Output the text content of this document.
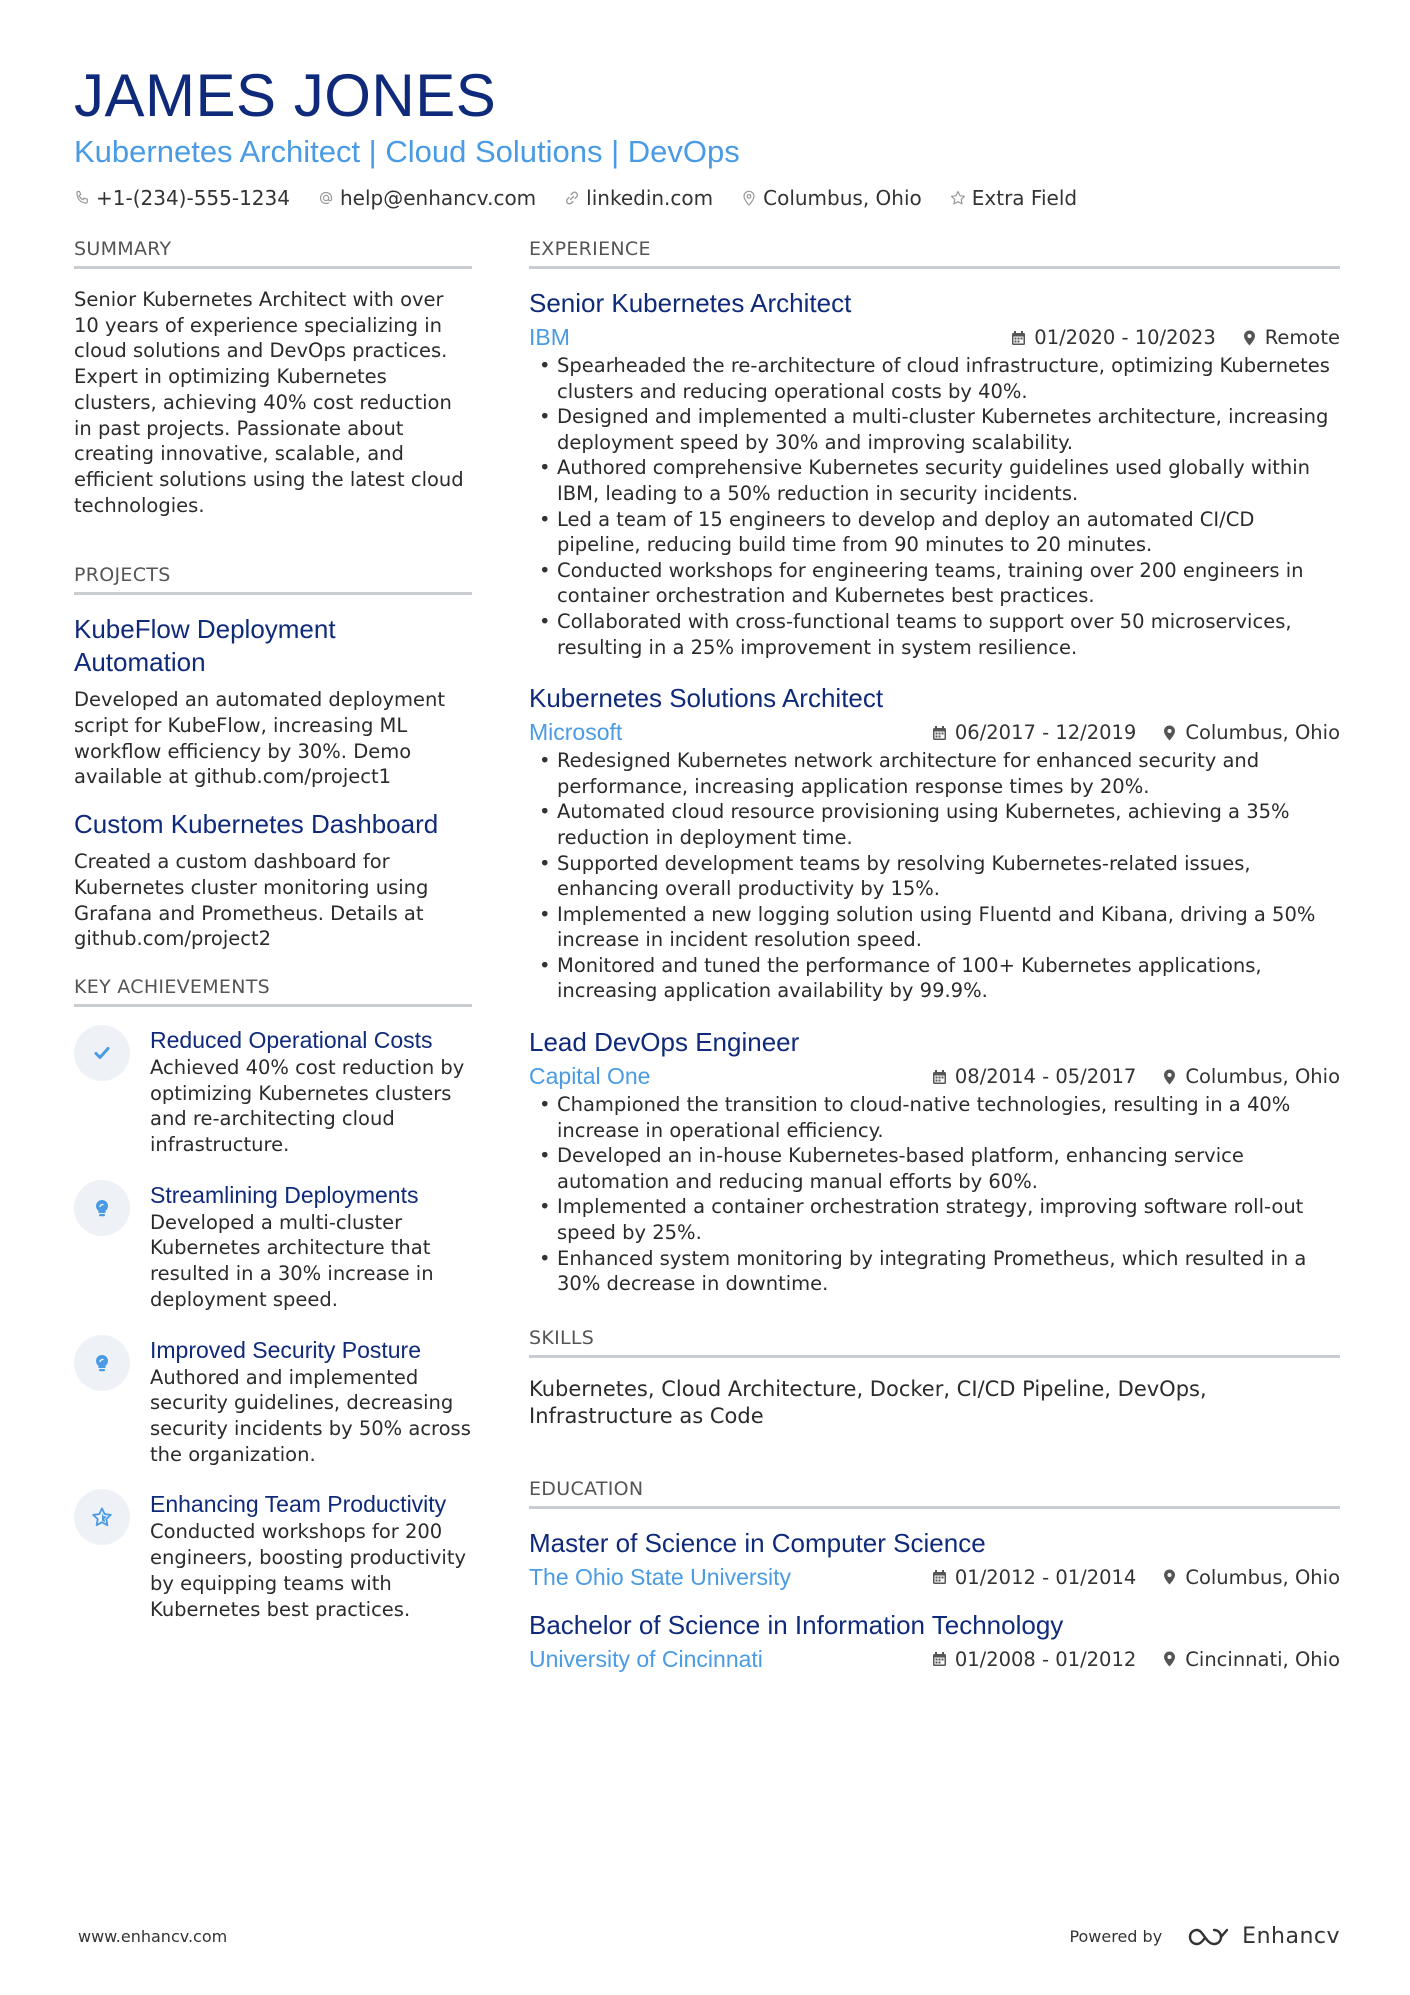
JAMES JONES
Kubernetes Architect | Cloud Solutions | DevOps
+1-(234)-555-1234	help@enhancv.com	linkedin.com	Columbus, Ohio	Extra Field
SUMMARY
Senior Kubernetes Architect with over 10 years of experience specializing in cloud solutions and DevOps practices. Expert in optimizing Kubernetes clusters, achieving 40% cost reduction in past projects. Passionate about creating innovative, scalable, and efficient solutions using the latest cloud technologies.
PROJECTS
KubeFlow Deployment Automation
Developed an automated deployment script for KubeFlow, increasing ML workflow efficiency by 30%. Demo available at github.com/project1
Custom Kubernetes Dashboard
Created a custom dashboard for Kubernetes cluster monitoring using Grafana and Prometheus. Details at github.com/project2
KEY ACHIEVEMENTS
Reduced Operational Costs
Achieved 40% cost reduction by optimizing Kubernetes clusters and re-architecting cloud infrastructure.
Streamlining Deployments
Developed a multi-cluster Kubernetes architecture that resulted in a 30% increase in deployment speed.
Improved Security Posture
Authored and implemented security guidelines, decreasing security incidents by 50% across the organization.
Enhancing Team Productivity
Conducted workshops for 200 engineers, boosting productivity by equipping teams with Kubernetes best practices.
EXPERIENCE
Senior Kubernetes Architect
IBM	01/2020 - 10/2023	Remote
• Spearheaded the re-architecture of cloud infrastructure, optimizing Kubernetes clusters and reducing operational costs by 40%.
• Designed and implemented a multi-cluster Kubernetes architecture, increasing deployment speed by 30% and improving scalability.
• Authored comprehensive Kubernetes security guidelines used globally within IBM, leading to a 50% reduction in security incidents.
• Led a team of 15 engineers to develop and deploy an automated CI/CD pipeline, reducing build time from 90 minutes to 20 minutes.
• Conducted workshops for engineering teams, training over 200 engineers in container orchestration and Kubernetes best practices.
• Collaborated with cross-functional teams to support over 50 microservices, resulting in a 25% improvement in system resilience.
Kubernetes Solutions Architect
Microsoft	06/2017 - 12/2019	Columbus, Ohio
• Redesigned Kubernetes network architecture for enhanced security and performance, increasing application response times by 20%.
• Automated cloud resource provisioning using Kubernetes, achieving a 35% reduction in deployment time.
• Supported development teams by resolving Kubernetes-related issues, enhancing overall productivity by 15%.
• Implemented a new logging solution using Fluentd and Kibana, driving a 50% increase in incident resolution speed.
• Monitored and tuned the performance of 100+ Kubernetes applications, increasing application availability by 99.9%.
Lead DevOps Engineer
Capital One	08/2014 - 05/2017	Columbus, Ohio
• Championed the transition to cloud-native technologies, resulting in a 40% increase in operational efficiency.
• Developed an in-house Kubernetes-based platform, enhancing service automation and reducing manual efforts by 60%.
• Implemented a container orchestration strategy, improving software roll-out speed by 25%.
• Enhanced system monitoring by integrating Prometheus, which resulted in a 30% decrease in downtime.
SKILLS
Kubernetes, Cloud Architecture, Docker, CI/CD Pipeline, DevOps, Infrastructure as Code
EDUCATION
Master of Science in Computer Science
The Ohio State University	01/2012 - 01/2014	Columbus, Ohio
Bachelor of Science in Information Technology
University of Cincinnati	01/2008 - 01/2012	Cincinnati, Ohio
www.enhancv.com	Powered by	Enhancv
